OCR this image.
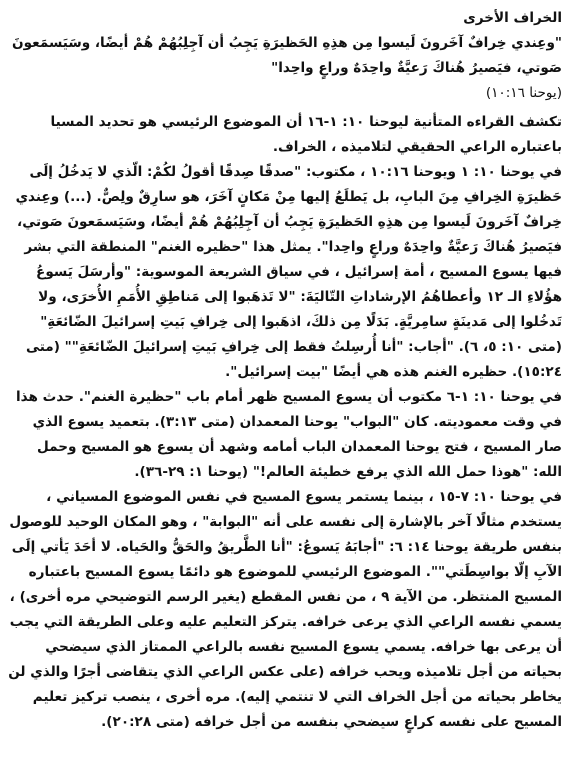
الخراف الأخرى

"وعِندي خِرافٌ آخَرونَ لَيسوا مِن هذِهِ الحَظيرَةِ يَجِبُ أن آجِلِبُهُمْ هُمْ أيضًا، وسَيَسمَعونَ صَوتي، فيَصيرُ هُناكَ رَعيَّةٌ واحِدَهٌ وراعٍ واحِدا"

(يوحنا ١٠:١٦)

تكشف القراءه المتأنية ليوحنا ١٠: ١-١٦ أن الموضوع الرئيسي هو تحديد المسيا باعتباره الراعي الحقيقي لتلاميذه ، الخراف.

في يوحنا ١٠: ١ ويوحنا ١٠:١٦ ، مكتوب: "صدقًا صِدقًا أقولُ لكُمْ: الّذي لا يَدخُلُ إلَى حَظيرَةِ الخِرافِ مِنَ البابِ، بل يَطلَعُ إليها مِنْ مَكانٍ آخَرَ، هو سارِقٌ ولِصٌّ. (...) وعِندي خِرافٌ آخَرونَ لَيسوا مِن هذِهِ الحَظيرَةِ يَجِبُ أن آجِلِبُهُمْ هُمْ أيضًا، وسَيَسمَعونَ صَوتي، فيَصيرُ هُناكَ رَعيَّةٌ واحِدَهٌ وراعٍ واحِدا". يمثل هذا "حظيره الغنم" المنطقة التي بشر فيها يسوع المسيح ، أمة إسرائيل ، في سياق الشريعة الموسوية: "وأرسَلَ يَسوعُ هؤُلاءِ الـ ١٢ وأعطاهُمُ الإرشاداتِ التّاليَةَ: "لا تَذهَبوا إلى مَناطِقِ الأُمَمِ الأُخرَى، ولا تَدخُلوا إلى مَدينَةٍ سامِريَّةٍ. بَدَلًا مِن ذلكَ، اذهَبوا إلى خِرافِ بَيتِ إسرائيلَ الضّائعَةِ" (متى ١٠: ٥، ٦). "أجاب: "أنا أُرسِلتُ فقط إلى خِرافِ بَيتِ إسرائيلَ الضّائعَةِ"" (متى ١٥:٢٤). حظيره الغنم هذه هي أيضًا "بيت إسرائيل".

في يوحنا ١٠: ١-٦ مكتوب أن يسوع المسيح ظهر أمام باب "حظيرة الغنم". حدث هذا في وقت معموديته. كان "البواب" يوحنا المعمدان (متى ٣:١٣). بتعميد يسوع الذي صار المسيح ، فتح يوحنا المعمدان الباب أمامه وشهد أن يسوع هو المسيح وحمل الله: "هوذا حمل الله الذي يرفع خطيئة العالم!" (يوحنا ١: ٢٩-٣٦).

في يوحنا ١٠: ٧-١٥ ، بينما يستمر يسوع المسيح في نفس الموضوع المسياني ، يستخدم مثالًا آخر بالإشارة إلى نفسه على أنه "البوابة" ، وهو المكان الوحيد للوصول بنفس طريقة يوحنا ١٤: ٦: "أجابَهُ يَسوعُ: "أنا الطَّريقُ والحَقُّ والحَياه. لا أحَدَ يَأتي إلَى الآبِ إلّا بواسِطَتي"". الموضوع الرئيسي للموضوع هو دائمًا يسوع المسيح باعتباره المسيح المنتظر. من الآية ٩ ، من نفس المقطع (يغير الرسم التوضيحي مره أخرى) ، يسمي نفسه الراعي الذي يرعى خرافه. يتركز التعليم عليه وعلى الطريقة التي يجب أن يرعى بها خرافه. يسمي يسوع المسيح نفسه بالراعي الممتاز الذي سيضحي بحياته من أجل تلاميذه ويحب خرافه (على عكس الراعي الذي يتقاضى أجرًا والذي لن يخاطر بحياته من أجل الخراف التي لا تنتمي إليه). مره أخرى ، ينصب تركيز تعليم المسيح على نفسه كراعٍ سيضحي بنفسه من أجل خرافه (متى ٢٠:٢٨).
